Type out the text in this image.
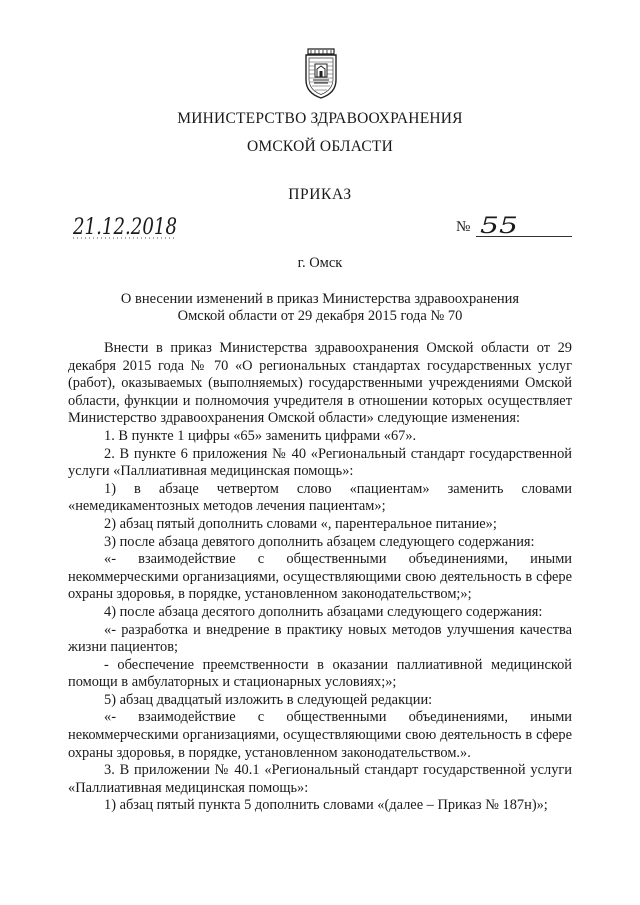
МИНИСТЕРСТВО ЗДРАВООХРАНЕНИЯ
ОМСКОЙ ОБЛАСТИ
ПРИКАЗ
21.12.2018	№ 55
г. Омск
О внесении изменений в приказ Министерства здравоохранения
Омской области от 29 декабря 2015 года № 70

Внести в приказ Министерства здравоохранения Омской области от 29 декабря 2015 года № 70 «О региональных стандартах государственных услуг (работ), оказываемых (выполняемых) государственными учреждениями Омской области, функции и полномочия учредителя в отношении которых осуществляет Министерство здравоохранения Омской области» следующие изменения:

1. В пункте 1 цифры «65» заменить цифрами «67».

2. В пункте 6 приложения № 40 «Региональный стандарт государственной услуги «Паллиативная медицинская помощь»:

1) в абзаце четвертом слово «пациентам» заменить словами «немедикаментозных методов лечения пациентам»;

2) абзац пятый дополнить словами «, парентеральное питание»;

3) после абзаца девятого дополнить абзацем следующего содержания:

«- взаимодействие с общественными объединениями, иными некоммерческими организациями, осуществляющими свою деятельность в сфере охраны здоровья, в порядке, установленном законодательством;»;

4) после абзаца десятого дополнить абзацами следующего содержания:

«- разработка и внедрение в практику новых методов улучшения качества жизни пациентов;

- обеспечение преемственности в оказании паллиативной медицинской помощи в амбулаторных и стационарных условиях;»;

5) абзац двадцатый изложить в следующей редакции:

«- взаимодействие с общественными объединениями, иными некоммерческими организациями, осуществляющими свою деятельность в сфере охраны здоровья, в порядке, установленном законодательством.».

3. В приложении № 40.1 «Региональный стандарт государственной услуги «Паллиативная медицинская помощь»:

1) абзац пятый пункта 5 дополнить словами «(далее – Приказ № 187н)»;
